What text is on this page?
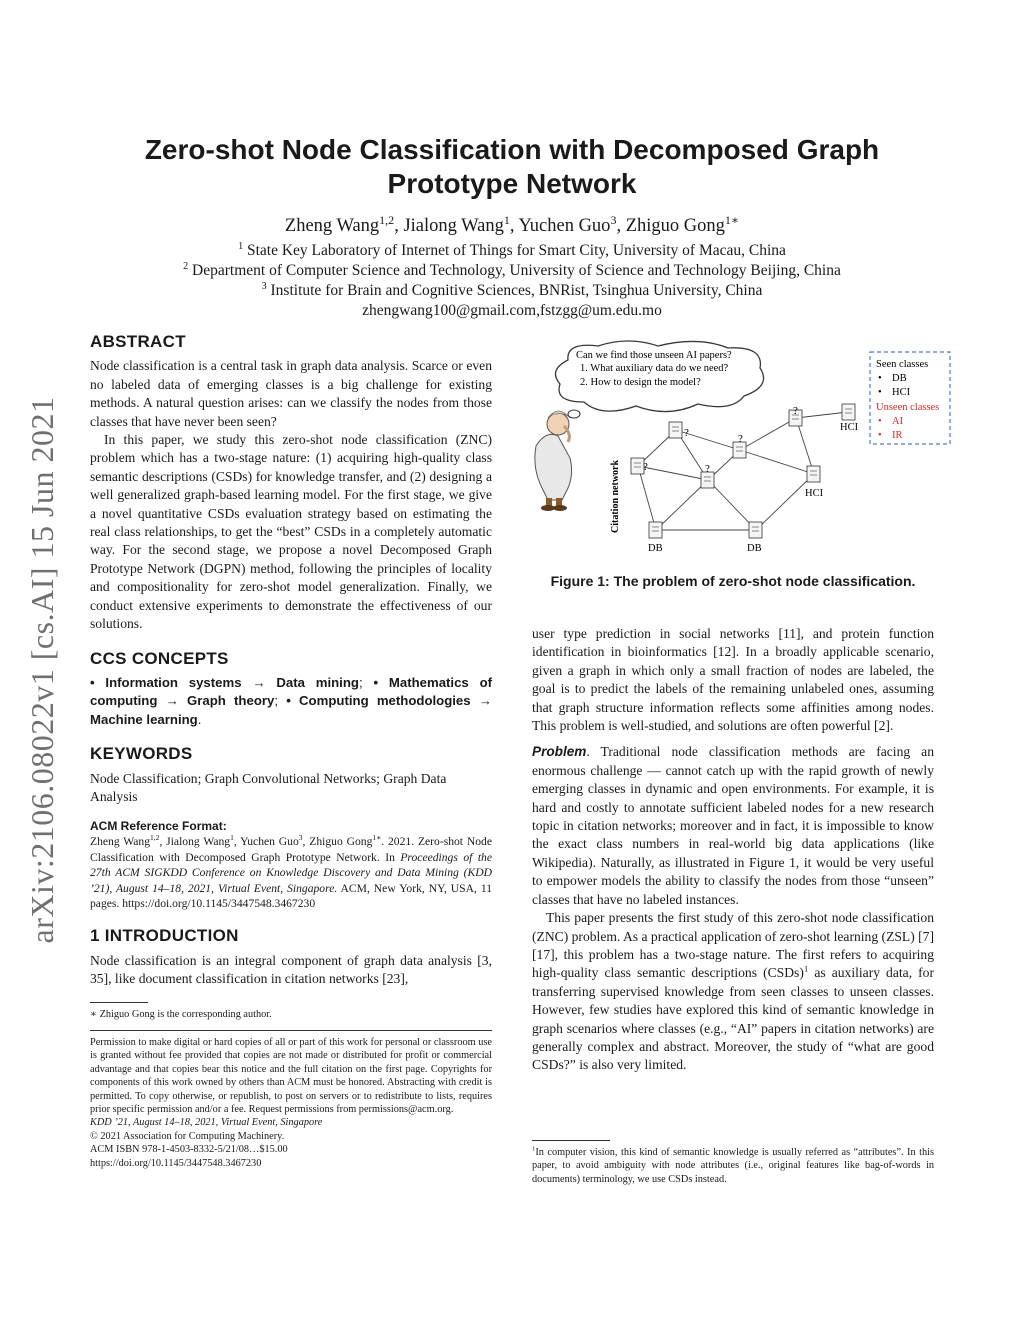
arXiv:2106.08022v1 [cs.AI] 15 Jun 2021
Zero-shot Node Classification with Decomposed Graph
Prototype Network
Zheng Wang$^{1,2}$, Jialong Wang$^1$, Yuchen Guo$^3$, Zhiguo Gong$^{1∗}$
$^1$ State Key Laboratory of Internet of Things for Smart City, University of Macau, China
$^2$ Department of Computer Science and Technology, University of Science and Technology Beijing, China
$^3$ Institute for Brain and Cognitive Sciences, BNRist, Tsinghua University, China
zhengwang100@gmail.com,fstzgg@um.edu.mo
ABSTRACT

Node classification is a central task in graph data analysis. Scarce or even no labeled data of emerging classes is a big challenge for existing methods. A natural question arises: can we classify the nodes from those classes that have never been seen?

In this paper, we study this zero-shot node classification (ZNC) problem which has a two-stage nature: (1) acquiring high-quality class semantic descriptions (CSDs) for knowledge transfer, and (2) designing a well generalized graph-based learning model. For the first stage, we give a novel quantitative CSDs evaluation strategy based on estimating the real class relationships, to get the “best” CSDs in a completely automatic way. For the second stage, we propose a novel Decomposed Graph Prototype Network (DGPN) method, following the principles of locality and compositionality for zero-shot model generalization. Finally, we conduct extensive experiments to demonstrate the effectiveness of our solutions.

CCS CONCEPTS

• Information systems → Data mining; • Mathematics of computing → Graph theory; • Computing methodologies → Machine learning.

KEYWORDS

Node Classification; Graph Convolutional Networks; Graph Data Analysis

ACM Reference Format:

Zheng Wang$^{1,2}$, Jialong Wang$^1$, Yuchen Guo$^3$, Zhiguo Gong$^{1∗}$. 2021. Zero-shot Node Classification with Decomposed Graph Prototype Network. In Proceedings of the 27th ACM SIGKDD Conference on Knowledge Discovery and Data Mining (KDD ’21), August 14–18, 2021, Virtual Event, Singapore. ACM, New York, NY, USA, 11 pages. https://doi.org/10.1145/3447548.3467230

1 INTRODUCTION

Node classification is an integral component of graph data analysis [3, 35], like document classification in citation networks [23],

∗ Zhiguo Gong is the corresponding author.
Permission to make digital or hard copies of all or part of this work for personal or classroom use is granted without fee provided that copies are not made or distributed for profit or commercial advantage and that copies bear this notice and the full citation on the first page. Copyrights for components of this work owned by others than ACM must be honored. Abstracting with credit is permitted. To copy otherwise, or republish, to post on servers or to redistribute to lists, requires prior specific permission and/or a fee. Request permissions from permissions@acm.org.
KDD ’21, August 14–18, 2021, Virtual Event, Singapore
© 2021 Association for Computing Machinery.
ACM ISBN 978-1-4503-8332-5/21/08…$15.00
https://doi.org/10.1145/3447548.3467230
Can we find those unseen AI papers?
1. What auxiliary data do we need?
2. How to design the model?
Citation network ?
?
?
?
?
HCI
HCI
DB	DB
Seen classes
• DB
• HCI
Unseen classes
• AI
• IR
Figure 1: The problem of zero-shot node classification.

user type prediction in social networks [11], and protein function identification in bioinformatics [12]. In a broadly applicable scenario, given a graph in which only a small fraction of nodes are labeled, the goal is to predict the labels of the remaining unlabeled ones, assuming that graph structure information reflects some affinities among nodes. This problem is well-studied, and solutions are often powerful [2].

Problem. Traditional node classification methods are facing an enormous challenge — cannot catch up with the rapid growth of newly emerging classes in dynamic and open environments. For example, it is hard and costly to annotate sufficient labeled nodes for a new research topic in citation networks; moreover and in fact, it is impossible to know the exact class numbers in real-world big data applications (like Wikipedia). Naturally, as illustrated in Figure 1, it would be very useful to empower models the ability to classify the nodes from those “unseen” classes that have no labeled instances.

This paper presents the first study of this zero-shot node classification (ZNC) problem. As a practical application of zero-shot learning (ZSL) [7] [17], this problem has a two-stage nature. The first refers to acquiring high-quality class semantic descriptions (CSDs)$^1$ as auxiliary data, for transferring supervised knowledge from seen classes to unseen classes. However, few studies have explored this kind of semantic knowledge in graph scenarios where classes (e.g., “AI” papers in citation networks) are generally complex and abstract. Moreover, the study of “what are good CSDs?” is also very limited.

$^1$In computer vision, this kind of semantic knowledge is usually referred as “attributes”. In this paper, to avoid ambiguity with node attributes (i.e., original features like bag-of-words in documents) terminology, we use CSDs instead.
